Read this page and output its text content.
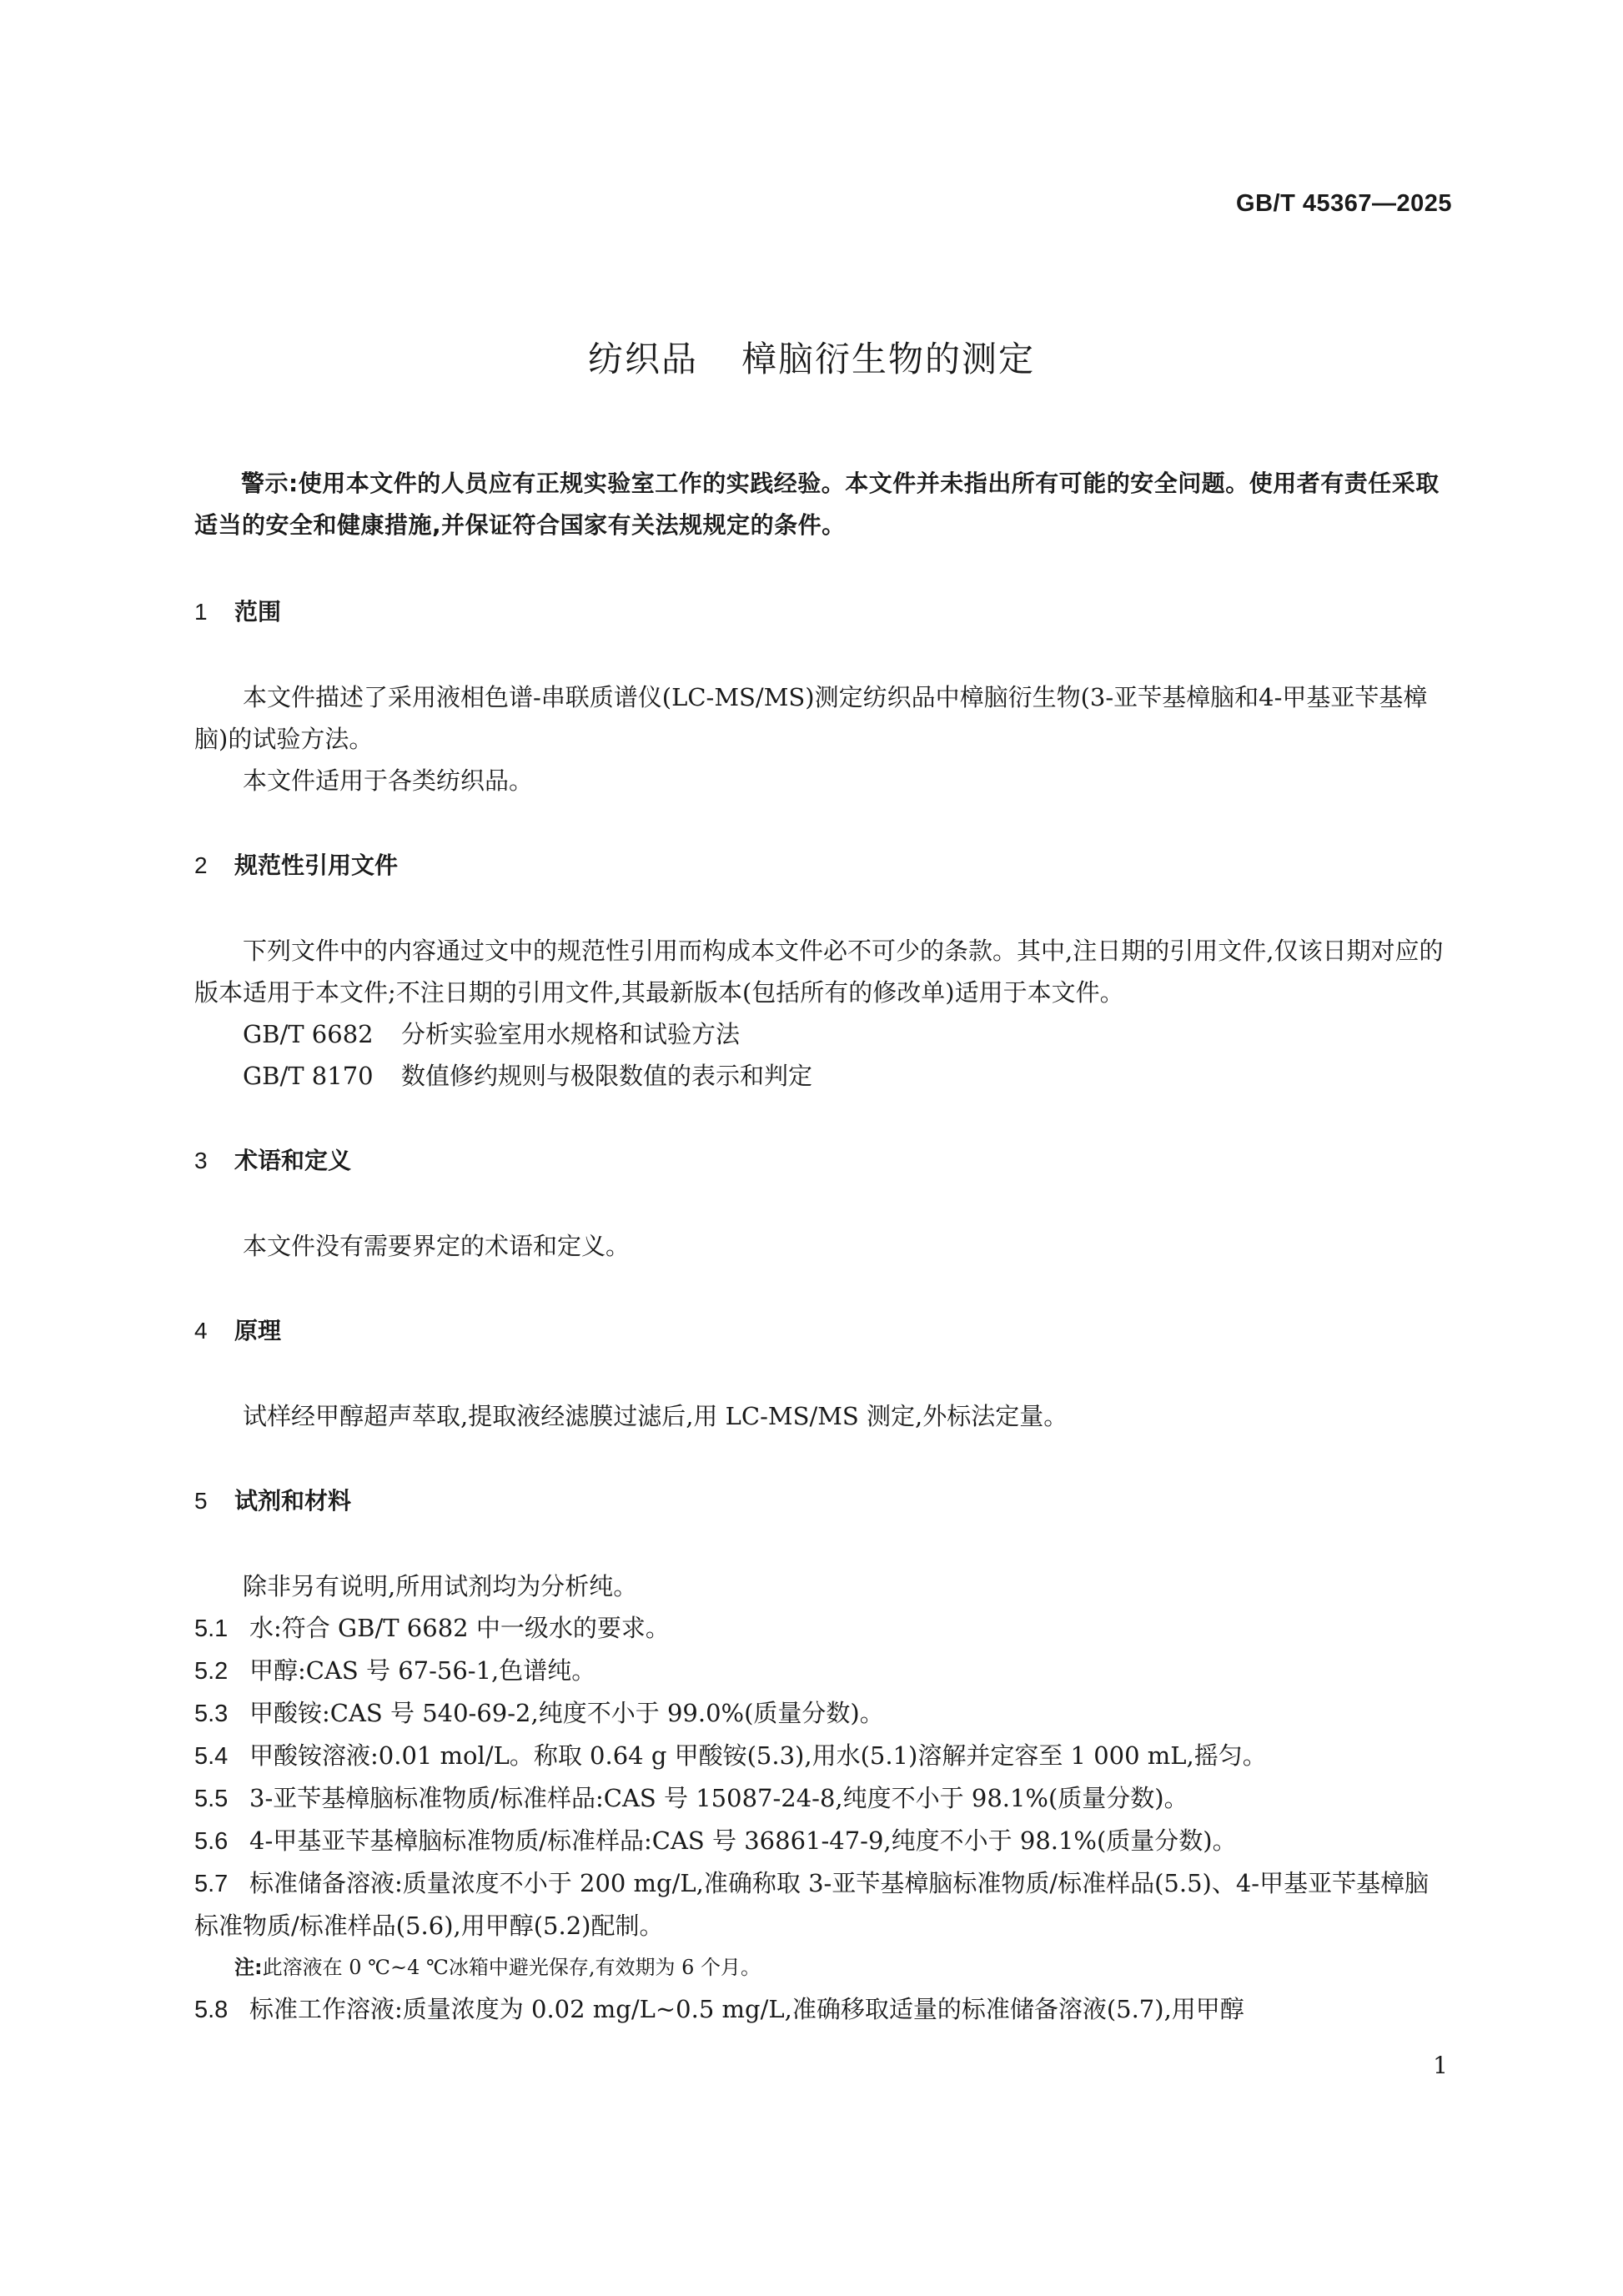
GB/T 45367—2025
纺织品 樟脑衍生物的测定

警示:使用本文件的人员应有正规实验室工作的实践经验。本文件并未指出所有可能的安全问题。使用者有责任采取适当的安全和健康措施,并保证符合国家有关法规规定的条件。

1 范围

本文件描述了采用液相色谱-串联质谱仪(LC-MS/MS)测定纺织品中樟脑衍生物(3-亚苄基樟脑和4-甲基亚苄基樟脑)的试验方法。

本文件适用于各类纺织品。

2 规范性引用文件

下列文件中的内容通过文中的规范性引用而构成本文件必不可少的条款。其中,注日期的引用文件,仅该日期对应的版本适用于本文件;不注日期的引用文件,其最新版本(包括所有的修改单)适用于本文件。

GB/T 6682 分析实验室用水规格和试验方法

GB/T 8170 数值修约规则与极限数值的表示和判定

3 术语和定义

本文件没有需要界定的术语和定义。

4 原理

试样经甲醇超声萃取,提取液经滤膜过滤后,用 LC-MS/MS 测定,外标法定量。

5 试剂和材料

除非另有说明,所用试剂均为分析纯。

5.1 水:符合 GB/T 6682 中一级水的要求。

5.2 甲醇:CAS 号 67-56-1,色谱纯。

5.3 甲酸铵:CAS 号 540-69-2,纯度不小于 99.0%(质量分数)。

5.4 甲酸铵溶液:0.01 mol/L。称取 0.64 g 甲酸铵(5.3),用水(5.1)溶解并定容至 1 000 mL,摇匀。

5.5 3-亚苄基樟脑标准物质/标准样品:CAS 号 15087-24-8,纯度不小于 98.1%(质量分数)。

5.6 4-甲基亚苄基樟脑标准物质/标准样品:CAS 号 36861-47-9,纯度不小于 98.1%(质量分数)。

5.7 标准储备溶液:质量浓度不小于 200 mg/L,准确称取 3-亚苄基樟脑标准物质/标准样品(5.5)、4-甲基亚苄基樟脑标准物质/标准样品(5.6),用甲醇(5.2)配制。

注:此溶液在 0 ℃~4 ℃冰箱中避光保存,有效期为 6 个月。

5.8 标准工作溶液:质量浓度为 0.02 mg/L~0.5 mg/L,准确移取适量的标准储备溶液(5.7),用甲醇

1
